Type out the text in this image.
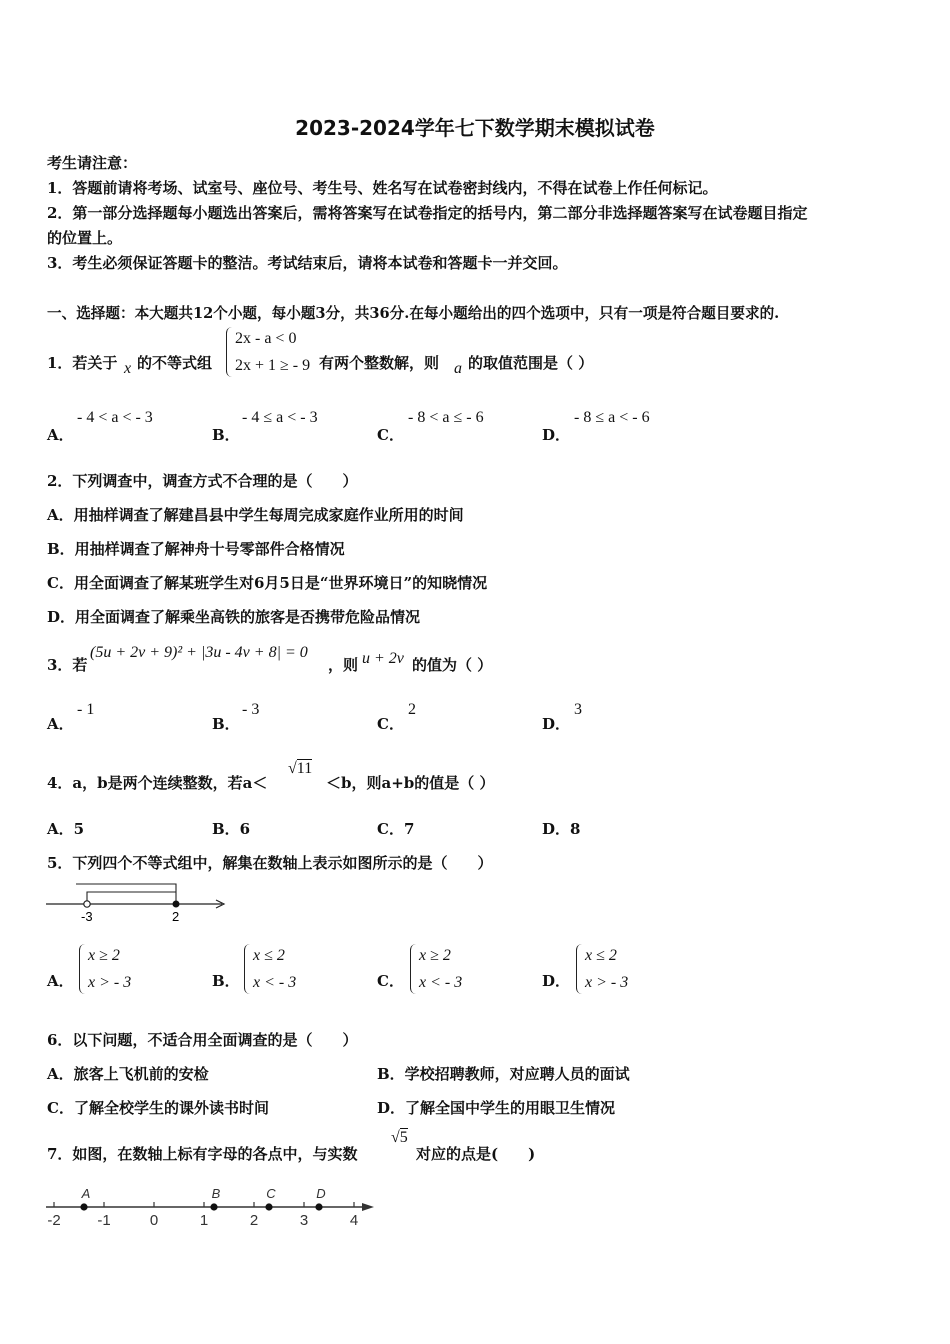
2023-2024学年七下数学期末模拟试卷
考生请注意：
1．答题前请将考场、试室号、座位号、考生号、姓名写在试卷密封线内，不得在试卷上作任何标记。
2．第一部分选择题每小题选出答案后，需将答案写在试卷指定的括号内，第二部分非选择题答案写在试卷题目指定
的位置上。
3．考生必须保证答题卡的整洁。考试结束后，请将本试卷和答题卡一并交回。
一、选择题：本大题共12个小题，每小题3分，共36分.在每小题给出的四个选项中，只有一项是符合题目要求的.
1．若关于 x 的不等式组
2x - a < 0
2x + 1 ≥ - 9 有两个整数解，则 a 的取值范围是（ ）
A．
- 4 < a < - 3
B．
- 4 ≤ a < - 3
C．
- 8 < a ≤ - 6
D．
- 8 ≤ a < - 6
2．下列调查中，调查方式不合理的是（　　）
A．用抽样调查了解建昌县中学生每周完成家庭作业所用的时间
B．用抽样调查了解神舟十号零部件合格情况
C．用全面调查了解某班学生对6月5日是“世界环境日”的知晓情况
D．用全面调查了解乘坐高铁的旅客是否携带危险品情况
3．若
(5u + 2v + 9)² + |3u - 4v + 8| = 0
，则 u + 2v 的值为（ ）
A．
- 1
B．
- 3
C．
2
D．
3
4．a，b是两个连续整数，若a＜
√11
＜b，则a+b的值是（ ）
A．5	B．6	C．7	D．8
5．下列四个不等式组中，解集在数轴上表示如图所示的是（　　）
-3	2
A．
x ≥ 2
x > - 3	B．
x ≤ 2
x < - 3	C．
x ≥ 2
x < - 3	D．
x ≤ 2
x > - 3
6．以下问题，不适合用全面调查的是（　　）
A．旅客上飞机前的安检	B．学校招聘教师，对应聘人员的面试
C．了解全校学生的课外读书时间	D．了解全国中学生的用眼卫生情况
7．如图，在数轴上标有字母的各点中，与实数
√5
对应的点是(　　)
-2 -1	0	1	2	3	4
A	B	C	D
